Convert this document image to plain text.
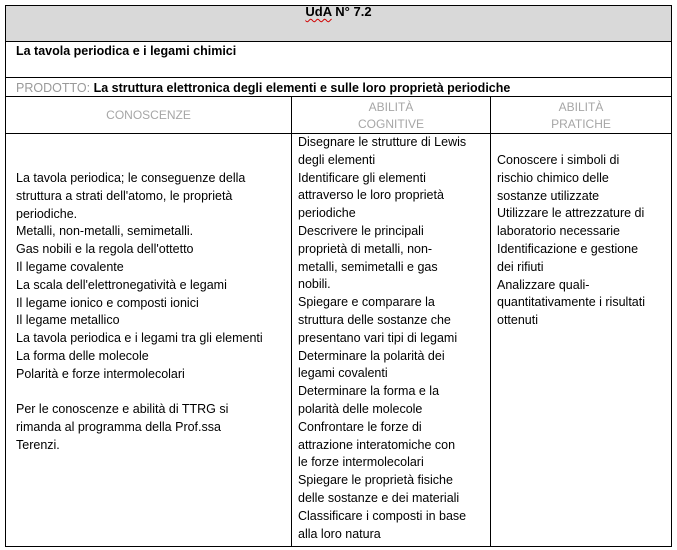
UdA N° 7.2
La tavola periodica e i legami chimici
PRODOTTO: La struttura elettronica degli elementi e sulle loro proprietà periodiche
CONOSCENZE
ABILITÀ
COGNITIVE
ABILITÀ
PRATICHE
La tavola periodica; le conseguenze della
struttura a strati dell'atomo, le proprietà
periodiche.
Metalli, non-metalli, semimetalli.
Gas nobili e la regola dell'ottetto
Il legame covalente
La scala dell'elettronegatività e legami
Il legame ionico e composti ionici
Il legame metallico
La tavola periodica e i legami tra gli elementi
La forma delle molecole
Polarità e forze intermolecolari

Per le conoscenze e abilità di TTRG si
rimanda al programma della Prof.ssa
Terenzi.
Disegnare le strutture di Lewis
degli elementi
Identificare gli elementi
attraverso le loro proprietà
periodiche
Descrivere le principali
proprietà di metalli, non-
metalli, semimetalli e gas
nobili.
Spiegare e comparare la
struttura delle sostanze che
presentano vari tipi di legami
Determinare la polarità dei
legami covalenti
Determinare la forma e la
polarità delle molecole
Confrontare le forze di
attrazione interatomiche con
le forze intermolecolari
Spiegare le proprietà fisiche
delle sostanze e dei materiali
Classificare i composti in base
alla loro natura
Conoscere i simboli di
rischio chimico delle
sostanze utilizzate
Utilizzare le attrezzature di
laboratorio necessarie
Identificazione e gestione
dei rifiuti
Analizzare quali-
quantitativamente i risultati
ottenuti
